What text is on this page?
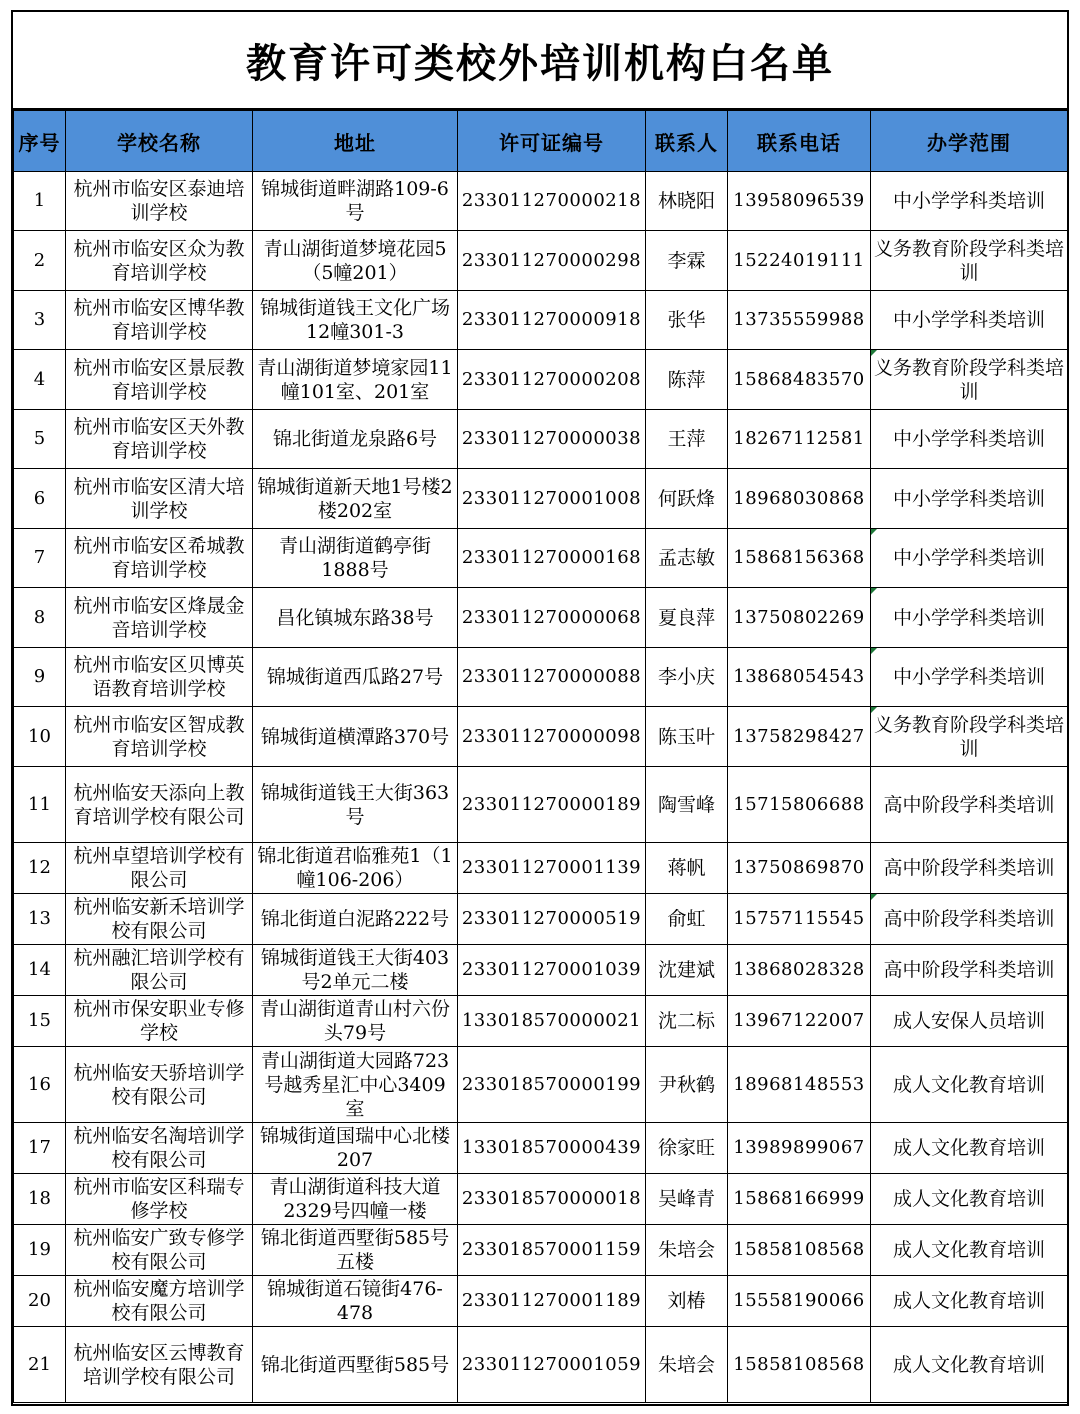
教育许可类校外培训机构白名单
序号	学校名称	地址	许可证编号	联系人	联系电话	办学范围
1	杭州市临安区泰迪培训学校	锦城街道畔湖路109-6号	233011270000218	林晓阳	13958096539	中小学学科类培训
2	杭州市临安区众为教育培训学校	青山湖街道梦境花园5（5幢201）	233011270000298	李霖	15224019111	义务教育阶段学科类培训
3	杭州市临安区博华教育培训学校	锦城街道钱王文化广场12幢301-3	233011270000918	张华	13735559988	中小学学科类培训
4	杭州市临安区景辰教育培训学校	青山湖街道梦境家园11幢101室、201室	233011270000208	陈萍	15868483570	义务教育阶段学科类培训
5	杭州市临安区天外教育培训学校	锦北街道龙泉路6号	233011270000038	王萍	18267112581	中小学学科类培训
6	杭州市临安区清大培训学校	锦城街道新天地1号楼2楼202室	233011270001008	何跃烽	18968030868	中小学学科类培训
7	杭州市临安区希城教育培训学校	青山湖街道鹤亭街1888号	233011270000168	孟志敏	15868156368	中小学学科类培训
8	杭州市临安区烽晟金音培训学校	昌化镇城东路38号	233011270000068	夏良萍	13750802269	中小学学科类培训
9	杭州市临安区贝博英语教育培训学校	锦城街道西瓜路27号	233011270000088	李小庆	13868054543	中小学学科类培训
10	杭州市临安区智成教育培训学校	锦城街道横潭路370号	233011270000098	陈玉叶	13758298427	义务教育阶段学科类培训
11	杭州临安天添向上教育培训学校有限公司	锦城街道钱王大街363号	233011270000189	陶雪峰	15715806688	高中阶段学科类培训
12	杭州卓望培训学校有限公司	锦北街道君临雅苑1（1幢106-206）	233011270001139	蒋帆	13750869870	高中阶段学科类培训
13	杭州临安新禾培训学校有限公司	锦北街道白泥路222号	233011270000519	俞虹	15757115545	高中阶段学科类培训
14	杭州融汇培训学校有限公司	锦城街道钱王大街403号2单元二楼	233011270001039	沈建斌	13868028328	高中阶段学科类培训
15	杭州市保安职业专修学校	青山湖街道青山村六份头79号	133018570000021	沈二标	13967122007	成人安保人员培训
16	杭州临安天骄培训学校有限公司	青山湖街道大园路723号越秀星汇中心3409室	233018570000199	尹秋鹤	18968148553	成人文化教育培训
17	杭州临安名淘培训学校有限公司	锦城街道国瑞中心北楼207	133018570000439	徐家旺	13989899067	成人文化教育培训
18	杭州市临安区科瑞专修学校	青山湖街道科技大道2329号四幢一楼	233018570000018	吴峰青	15868166999	成人文化教育培训
19	杭州临安广致专修学校有限公司	锦北街道西墅街585号五楼	233018570001159	朱培会	15858108568	成人文化教育培训
20	杭州临安魔方培训学校有限公司	锦城街道石镜街476-478	233011270001189	刘椿	15558190066	成人文化教育培训
21	杭州临安区云博教育培训学校有限公司	锦北街道西墅街585号	233011270001059	朱培会	15858108568	成人文化教育培训
